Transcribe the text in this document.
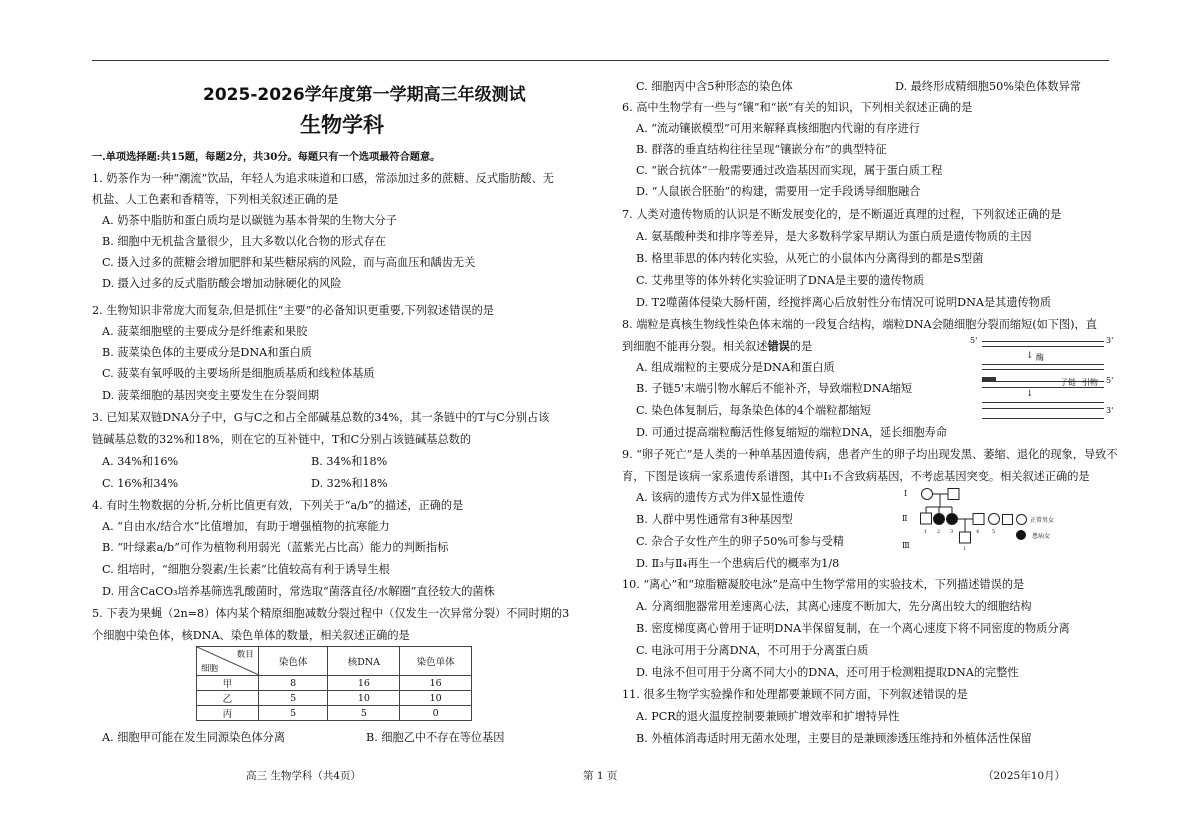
2025-2026学年度第一学期高三年级测试
生物学科
一.单项选择题:共15题，每题2分，共30分。每题只有一个选项最符合题意。
1. 奶茶作为一种“潮流”饮品，年轻人为追求味道和口感，常添加过多的蔗糖、反式脂肪酸、无
机盐、人工色素和香精等，下列相关叙述正确的是
A. 奶茶中脂肪和蛋白质均是以碳链为基本骨架的生物大分子
B. 细胞中无机盐含量很少，且大多数以化合物的形式存在
C. 摄入过多的蔗糖会增加肥胖和某些糖尿病的风险，而与高血压和龋齿无关
D. 摄入过多的反式脂肪酸会增加动脉硬化的风险
2. 生物知识非常庞大而复杂,但是抓住“主要”的必备知识更重要,下列叙述错误的是
A. 菠菜细胞壁的主要成分是纤维素和果胶
B. 菠菜染色体的主要成分是DNA和蛋白质
C. 菠菜有氧呼吸的主要场所是细胞质基质和线粒体基质
D. 菠菜细胞的基因突变主要发生在分裂间期
3. 已知某双链DNA分子中，G与C之和占全部碱基总数的34%，其一条链中的T与C分别占该
链碱基总数的32%和18%，则在它的互补链中，T和C分别占该链碱基总数的
A. 34%和16%	B. 34%和18%
C. 16%和34%	D. 32%和18%
4. 有时生物数据的分析,分析比值更有效，下列关于“a/b”的描述，正确的是
A. “自由水/结合水”比值增加，有助于增强植物的抗寒能力
B. “叶绿素a/b”可作为植物利用弱光（蓝紫光占比高）能力的判断指标
C. 组培时，“细胞分裂素/生长素”比值较高有利于诱导生根
D. 用含CaCO₃培养基筛选乳酸菌时，常选取“菌落直径/水解圈”直径较大的菌株
5. 下表为果蝇（2n=8）体内某个精原细胞减数分裂过程中（仅发生一次异常分裂）不同时期的3
个细胞中染色体，核DNA、染色单体的数量，相关叙述正确的是
数目
细胞	染色体	核DNA	染色单体
甲	8	16	16
乙	5	10	10
丙	5	5	0
A. 细胞甲可能在发生同源染色体分离	B. 细胞乙中不存在等位基因
C. 细胞丙中含5种形态的染色体	D. 最终形成精细胞50%染色体数异常
6. 高中生物学有一些与“镶”和“嵌”有关的知识，下列相关叙述正确的是
A. “流动镶嵌模型”可用来解释真核细胞内代谢的有序进行
B. 群落的垂直结构往往呈现“镶嵌分布”的典型特征
C. “嵌合抗体”一般需要通过改造基因而实现，属于蛋白质工程
D. “人鼠嵌合胚胎”的构建，需要用一定手段诱导细胞融合
7. 人类对遗传物质的认识是不断发展变化的，是不断逼近真理的过程，下列叙述正确的是
A. 氨基酸种类和排序等差异，是大多数科学家早期认为蛋白质是遗传物质的主因
B. 格里菲思的体内转化实验，从死亡的小鼠体内分离得到的都是S型菌
C. 艾弗里等的体外转化实验证明了DNA是主要的遗传物质
D. T2噬菌体侵染大肠杆菌，经搅拌离心后放射性分布情况可说明DNA是其遗传物质
8. 端粒是真核生物线性染色体末端的一段复合结构，端粒DNA会随细胞分裂而缩短(如下图)，直
到细胞不能再分裂。相关叙述错误的是
A. 组成端粒的主要成分是DNA和蛋白质
B. 子链5'末端引物水解后不能补齐，导致端粒DNA缩短
C. 染色体复制后，每条染色体的4个端粒都缩短
D. 可通过提高端粒酶活性修复缩短的端粒DNA，延长细胞寿命
5'	3'
↓ 酶
5'
子链 引物
↓
3'
9. “卵子死亡”是人类的一种单基因遗传病，患者产生的卵子均出现发黑、萎缩、退化的现象，导致不
育，下图是该病一家系遗传系谱图，其中Ⅰ₁不含致病基因，不考虑基因突变。相关叙述正确的是
A. 该病的遗传方式为伴X显性遗传
B. 人群中男性通常有3种基因型
C. 杂合子女性产生的卵子50%可参与受精
D. Ⅱ₃与Ⅱ₄再生一个患病后代的概率为1/8
Ⅰ
Ⅱ
Ⅲ
1 2 3	4	5
1
正常男女
患病女
10. “离心”和“琼脂糖凝胶电泳”是高中生物学常用的实验技术，下列描述错误的是
A. 分离细胞器常用差速离心法，其离心速度不断加大，先分离出较大的细胞结构
B. 密度梯度离心曾用于证明DNA半保留复制，在一个离心速度下将不同密度的物质分离
C. 电泳可用于分离DNA，不可用于分离蛋白质
D. 电泳不但可用于分离不同大小的DNA，还可用于检测粗提取DNA的完整性
11. 很多生物学实验操作和处理都要兼顾不同方面，下列叙述错误的是
A. PCR的退火温度控制要兼顾扩增效率和扩增特异性
B. 外植体消毒适时用无菌水处理，主要目的是兼顾渗透压维持和外植体活性保留
高三 生物学科（共4页）	第 1 页	（2025年10月）
